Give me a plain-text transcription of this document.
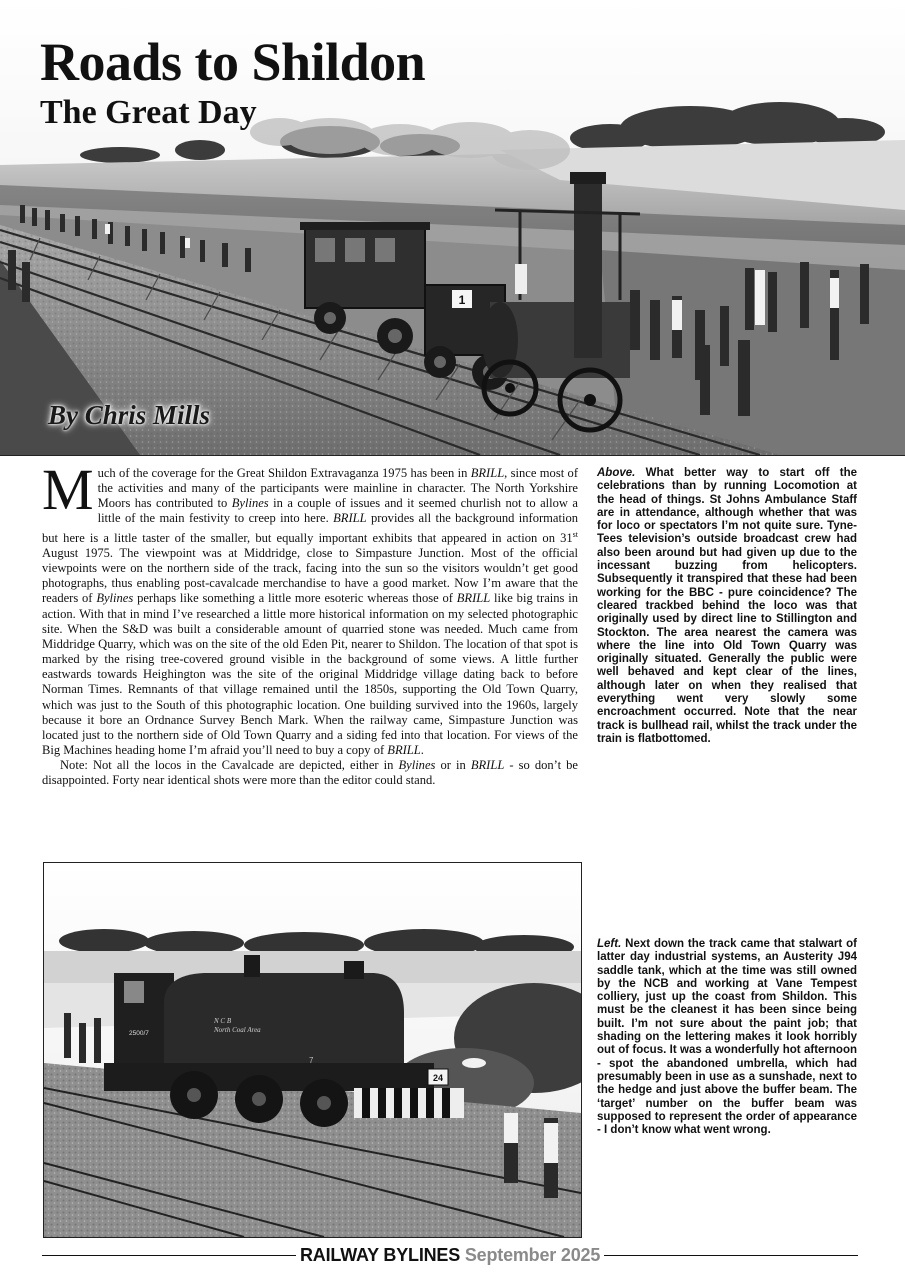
1
Roads to Shildon
The Great Day
By Chris Mills

Much of the coverage for the Great Shildon Extravaganza 1975 has been in BRILL, since most of the activities and many of the participants were mainline in character. The North Yorkshire Moors has contributed to Bylines in a couple of issues and it seemed churlish not to allow a little of the main festivity to creep into here. BRILL provides all the background information but here is a little taster of the smaller, but equally important exhibits that appeared in action on 31st August 1975. The viewpoint was at Middridge, close to Simpasture Junction. Most of the official viewpoints were on the northern side of the track, facing into the sun so the visitors wouldn’t get good photographs, thus enabling post-cavalcade merchandise to have a good market. Now I’m aware that the readers of Bylines perhaps like something a little more esoteric whereas those of BRILL like big trains in action. With that in mind I’ve researched a little more historical information on my selected photographic site. When the S&D was built a considerable amount of quarried stone was needed. Much came from Middridge Quarry, which was on the site of the old Eden Pit, nearer to Shildon. The location of that spot is marked by the rising tree-covered ground visible in the background of some views. A little further eastwards towards Heighington was the site of the original Middridge village dating back to before Norman Times. Remnants of that village remained until the 1850s, supporting the Old Town Quarry, which was just to the South of this photographic location. One building survived into the 1960s, largely because it bore an Ordnance Survey Bench Mark. When the railway came, Simpasture Junction was located just to the northern side of Old Town Quarry and a siding fed into that location. For views of the Big Machines heading home I’m afraid you’ll need to buy a copy of BRILL.

Note: Not all the locos in the Cavalcade are depicted, either in Bylines or in BRILL - so don’t be disappointed. Forty near identical shots were more than the editor could stand.

Above. What better way to start off the celebrations than by running Locomotion at the head of things. St Johns Ambulance Staff are in attendance, although whether that was for loco or spectators I’m not quite sure. Tyne-Tees television’s outside broadcast crew had also been around but had given up due to the incessant buzzing from helicopters. Subsequently it transpired that these had been working for the BBC - pure coincidence? The cleared trackbed behind the loco was that originally used by direct line to Stillington and Stockton. The area nearest the camera was where the line into Old Town Quarry was originally situated. Generally the public were well behaved and kept clear of the lines, although later on when they realised that everything went very slowly some encroachment occurred. Note that the near track is bullhead rail, whilst the track under the train is flatbottomed.
2500/7
N C B North Coal Area
7
24
Left. Next down the track came that stalwart of latter day industrial systems, an Austerity J94 saddle tank, which at the time was still owned by the NCB and working at Vane Tempest colliery, just up the coast from Shildon. This must be the cleanest it has been since being built. I’m not sure about the paint job; that shading on the lettering makes it look horribly out of focus. It was a wonderfully hot afternoon - spot the abandoned umbrella, which had presumably been in use as a sunshade, next to the hedge and just above the buffer beam. The ‘target’ number on the buffer beam was supposed to represent the order of appearance - I don’t know what went wrong.
RAILWAY BYLINES September 2025
